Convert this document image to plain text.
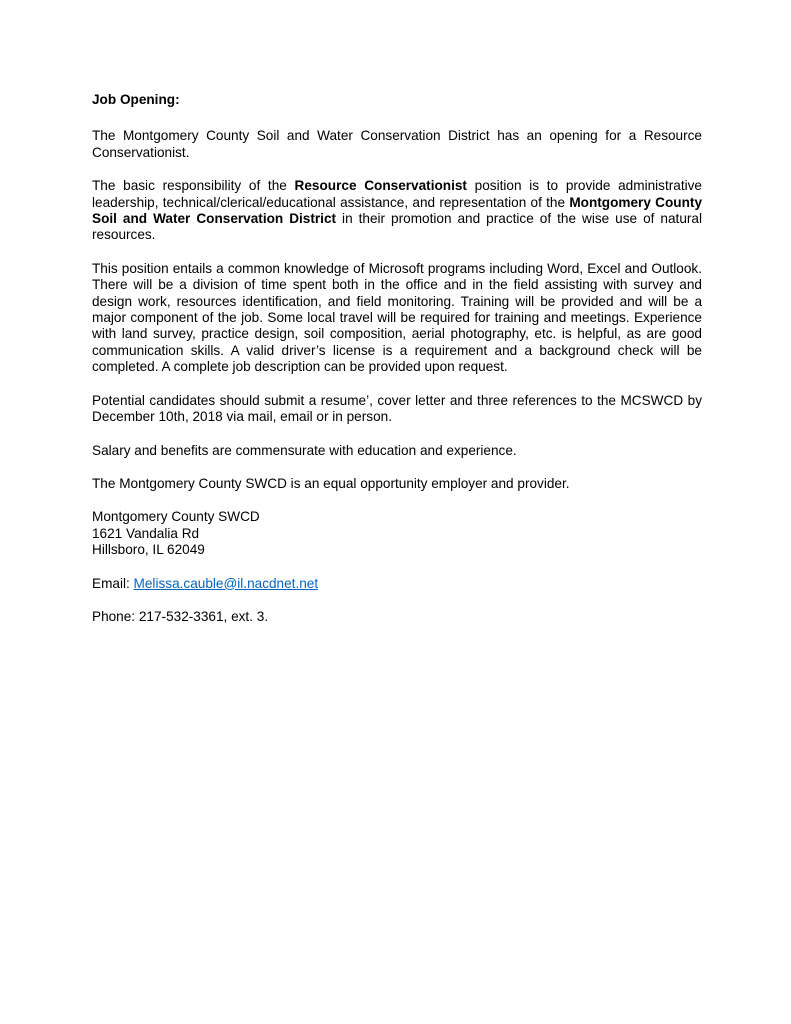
Job Opening:

The Montgomery County Soil and Water Conservation District has an opening for a Resource Conservationist.

The basic responsibility of the Resource Conservationist position is to provide administrative leadership, technical/clerical/educational assistance, and representation of the Montgomery County Soil and Water Conservation District in their promotion and practice of the wise use of natural resources.

This position entails a common knowledge of Microsoft programs including Word, Excel and Outlook. There will be a division of time spent both in the office and in the field assisting with survey and design work, resources identification, and field monitoring. Training will be provided and will be a major component of the job. Some local travel will be required for training and meetings. Experience with land survey, practice design, soil composition, aerial photography, etc. is helpful, as are good communication skills. A valid driver’s license is a requirement and a background check will be completed. A complete job description can be provided upon request.

Potential candidates should submit a resume’, cover letter and three references to the MCSWCD by December 10th, 2018 via mail, email or in person.

Salary and benefits are commensurate with education and experience.

The Montgomery County SWCD is an equal opportunity employer and provider.

Montgomery County SWCD
1621 Vandalia Rd
Hillsboro, IL 62049

Email: Melissa.cauble@il.nacdnet.net

Phone: 217-532-3361, ext. 3.
